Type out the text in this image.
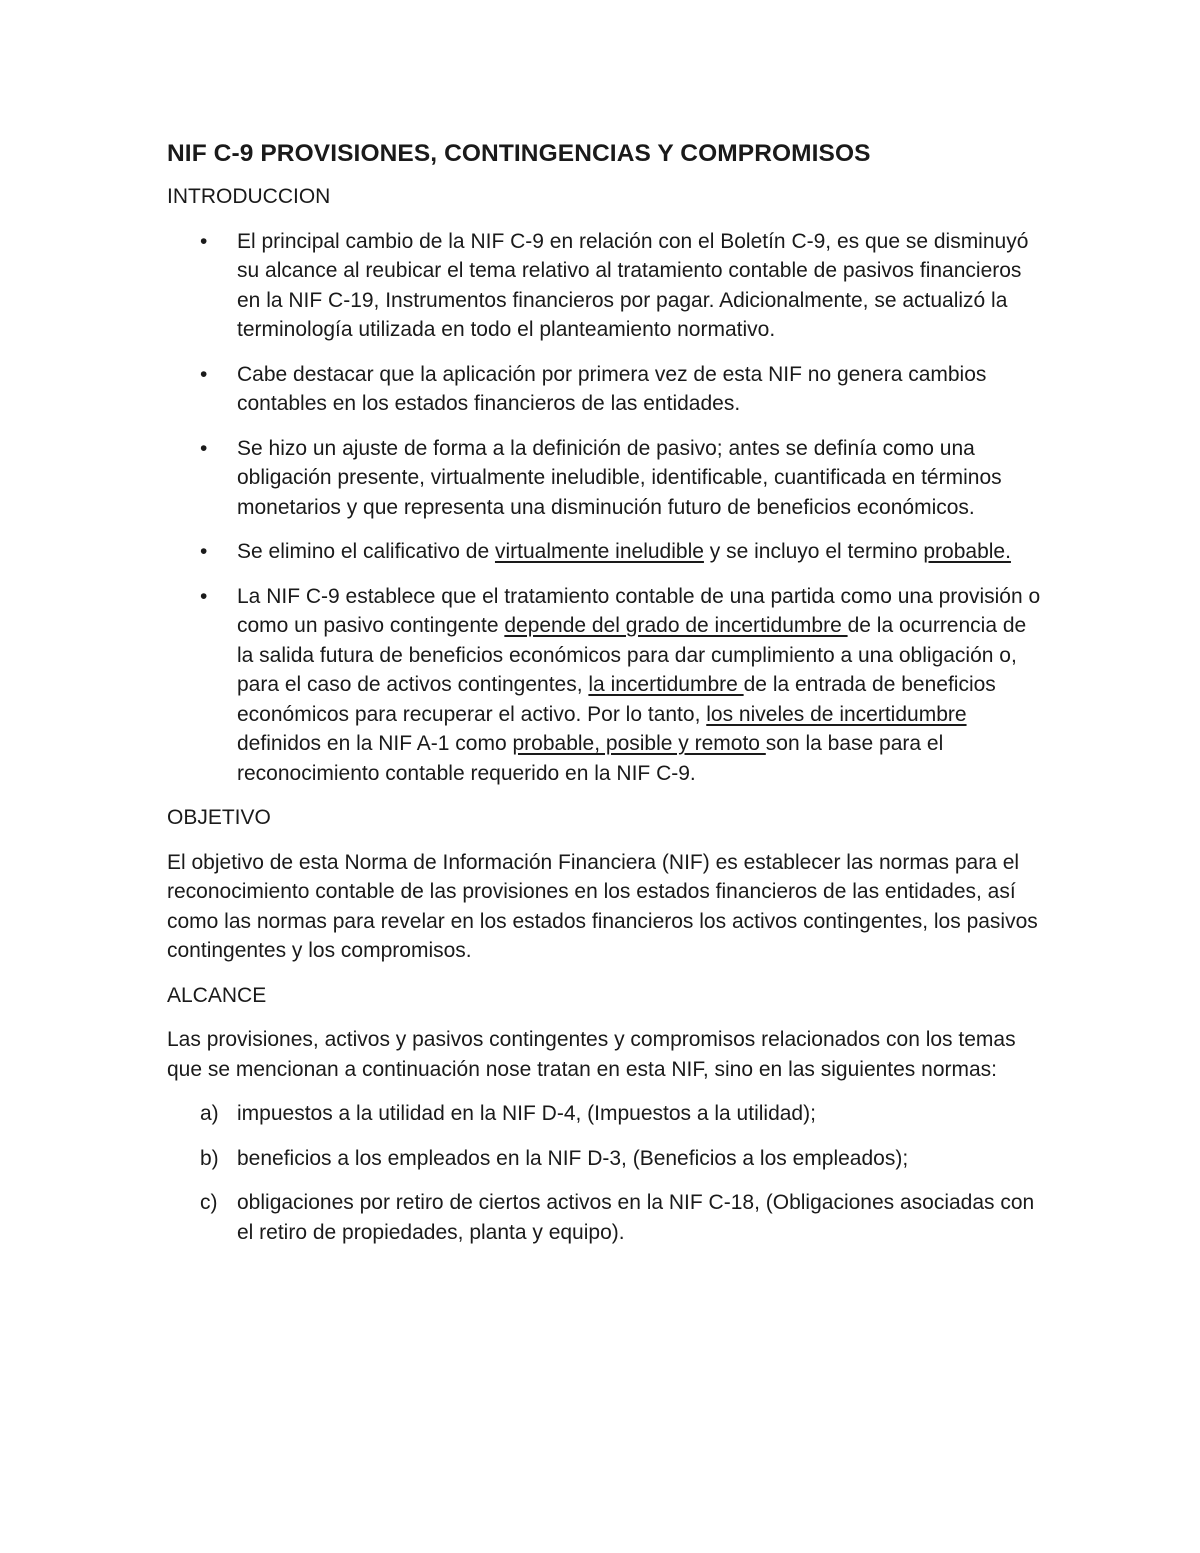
NIF C-9 PROVISIONES, CONTINGENCIAS Y COMPROMISOS
INTRODUCCION
• El principal cambio de la NIF C-9 en relación con el Boletín C-9, es que se disminuyó su alcance al reubicar el tema relativo al tratamiento contable de pasivos financieros en la NIF C-19, Instrumentos financieros por pagar. Adicionalmente, se actualizó la terminología utilizada en todo el planteamiento normativo.
• Cabe destacar que la aplicación por primera vez de esta NIF no genera cambios contables en los estados financieros de las entidades.
• Se hizo un ajuste de forma a la definición de pasivo; antes se definía como una obligación presente, virtualmente ineludible, identificable, cuantificada en términos monetarios y que representa una disminución futuro de beneficios económicos.
• Se elimino el calificativo de virtualmente ineludible y se incluyo el termino probable.
• La NIF C-9 establece que el tratamiento contable de una partida como una provisión o como un pasivo contingente depende del grado de incertidumbre de la ocurrencia de la salida futura de beneficios económicos para dar cumplimiento a una obligación o, para el caso de activos contingentes, la incertidumbre de la entrada de beneficios económicos para recuperar el activo. Por lo tanto, los niveles de incertidumbre definidos en la NIF A-1 como probable, posible y remoto son la base para el reconocimiento contable requerido en la NIF C-9.
OBJETIVO
El objetivo de esta Norma de Información Financiera (NIF) es establecer las normas para el reconocimiento contable de las provisiones en los estados financieros de las entidades, así como las normas para revelar en los estados financieros los activos contingentes, los pasivos contingentes y los compromisos.
ALCANCE
Las provisiones, activos y pasivos contingentes y compromisos relacionados con los temas que se mencionan a continuación nose tratan en esta NIF, sino en las siguientes normas:
a) impuestos a la utilidad en la NIF D-4, (Impuestos a la utilidad);
b) beneficios a los empleados en la NIF D-3, (Beneficios a los empleados);
c) obligaciones por retiro de ciertos activos en la NIF C-18, (Obligaciones asociadas con el retiro de propiedades, planta y equipo).
